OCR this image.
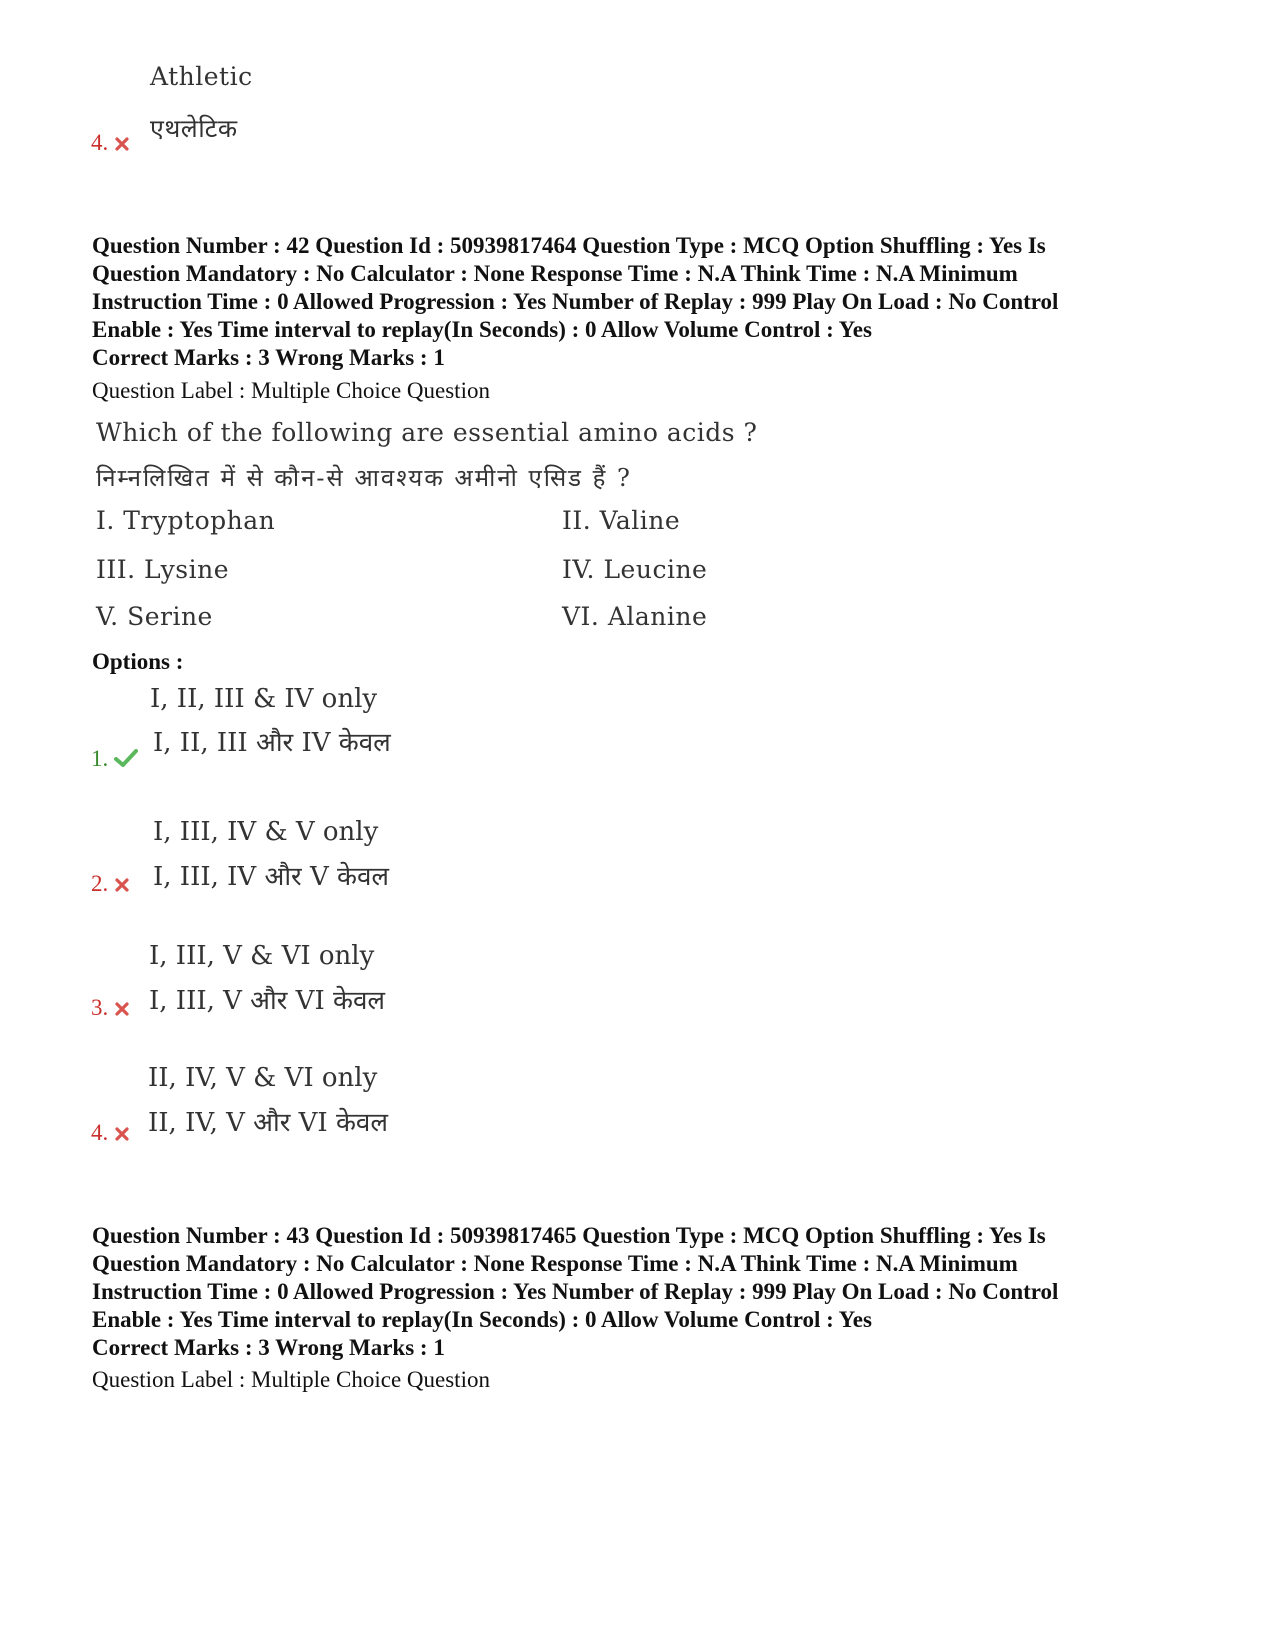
Athletic
एथलेटिक
4.

Question Number : 42 Question Id : 50939817464 Question Type : MCQ Option Shuffling : Yes Is

Question Mandatory : No Calculator : None Response Time : N.A Think Time : N.A Minimum

Instruction Time : 0 Allowed Progression : Yes Number of Replay : 999 Play On Load : No Control

Enable : Yes Time interval to replay(In Seconds) : 0 Allow Volume Control : Yes

Correct Marks : 3 Wrong Marks : 1
Question Label : Multiple Choice Question
Which of the following are essential amino acids ?
निम्नलिखित में से कौन-से आवश्यक अमीनो एसिड हैं ?
I. Tryptophan	II. Valine
III. Lysine	IV. Leucine
V. Serine	VI. Alanine
Options :
I, II, III & IV only
I, II, III और IV केवल
1.
I, III, IV & V only
I, III, IV और V केवल
2.
I, III, V & VI only
I, III, V और VI केवल
3.
II, IV, V & VI only
II, IV, V और VI केवल
4.

Question Number : 43 Question Id : 50939817465 Question Type : MCQ Option Shuffling : Yes Is

Question Mandatory : No Calculator : None Response Time : N.A Think Time : N.A Minimum

Instruction Time : 0 Allowed Progression : Yes Number of Replay : 999 Play On Load : No Control

Enable : Yes Time interval to replay(In Seconds) : 0 Allow Volume Control : Yes

Correct Marks : 3 Wrong Marks : 1
Question Label : Multiple Choice Question
